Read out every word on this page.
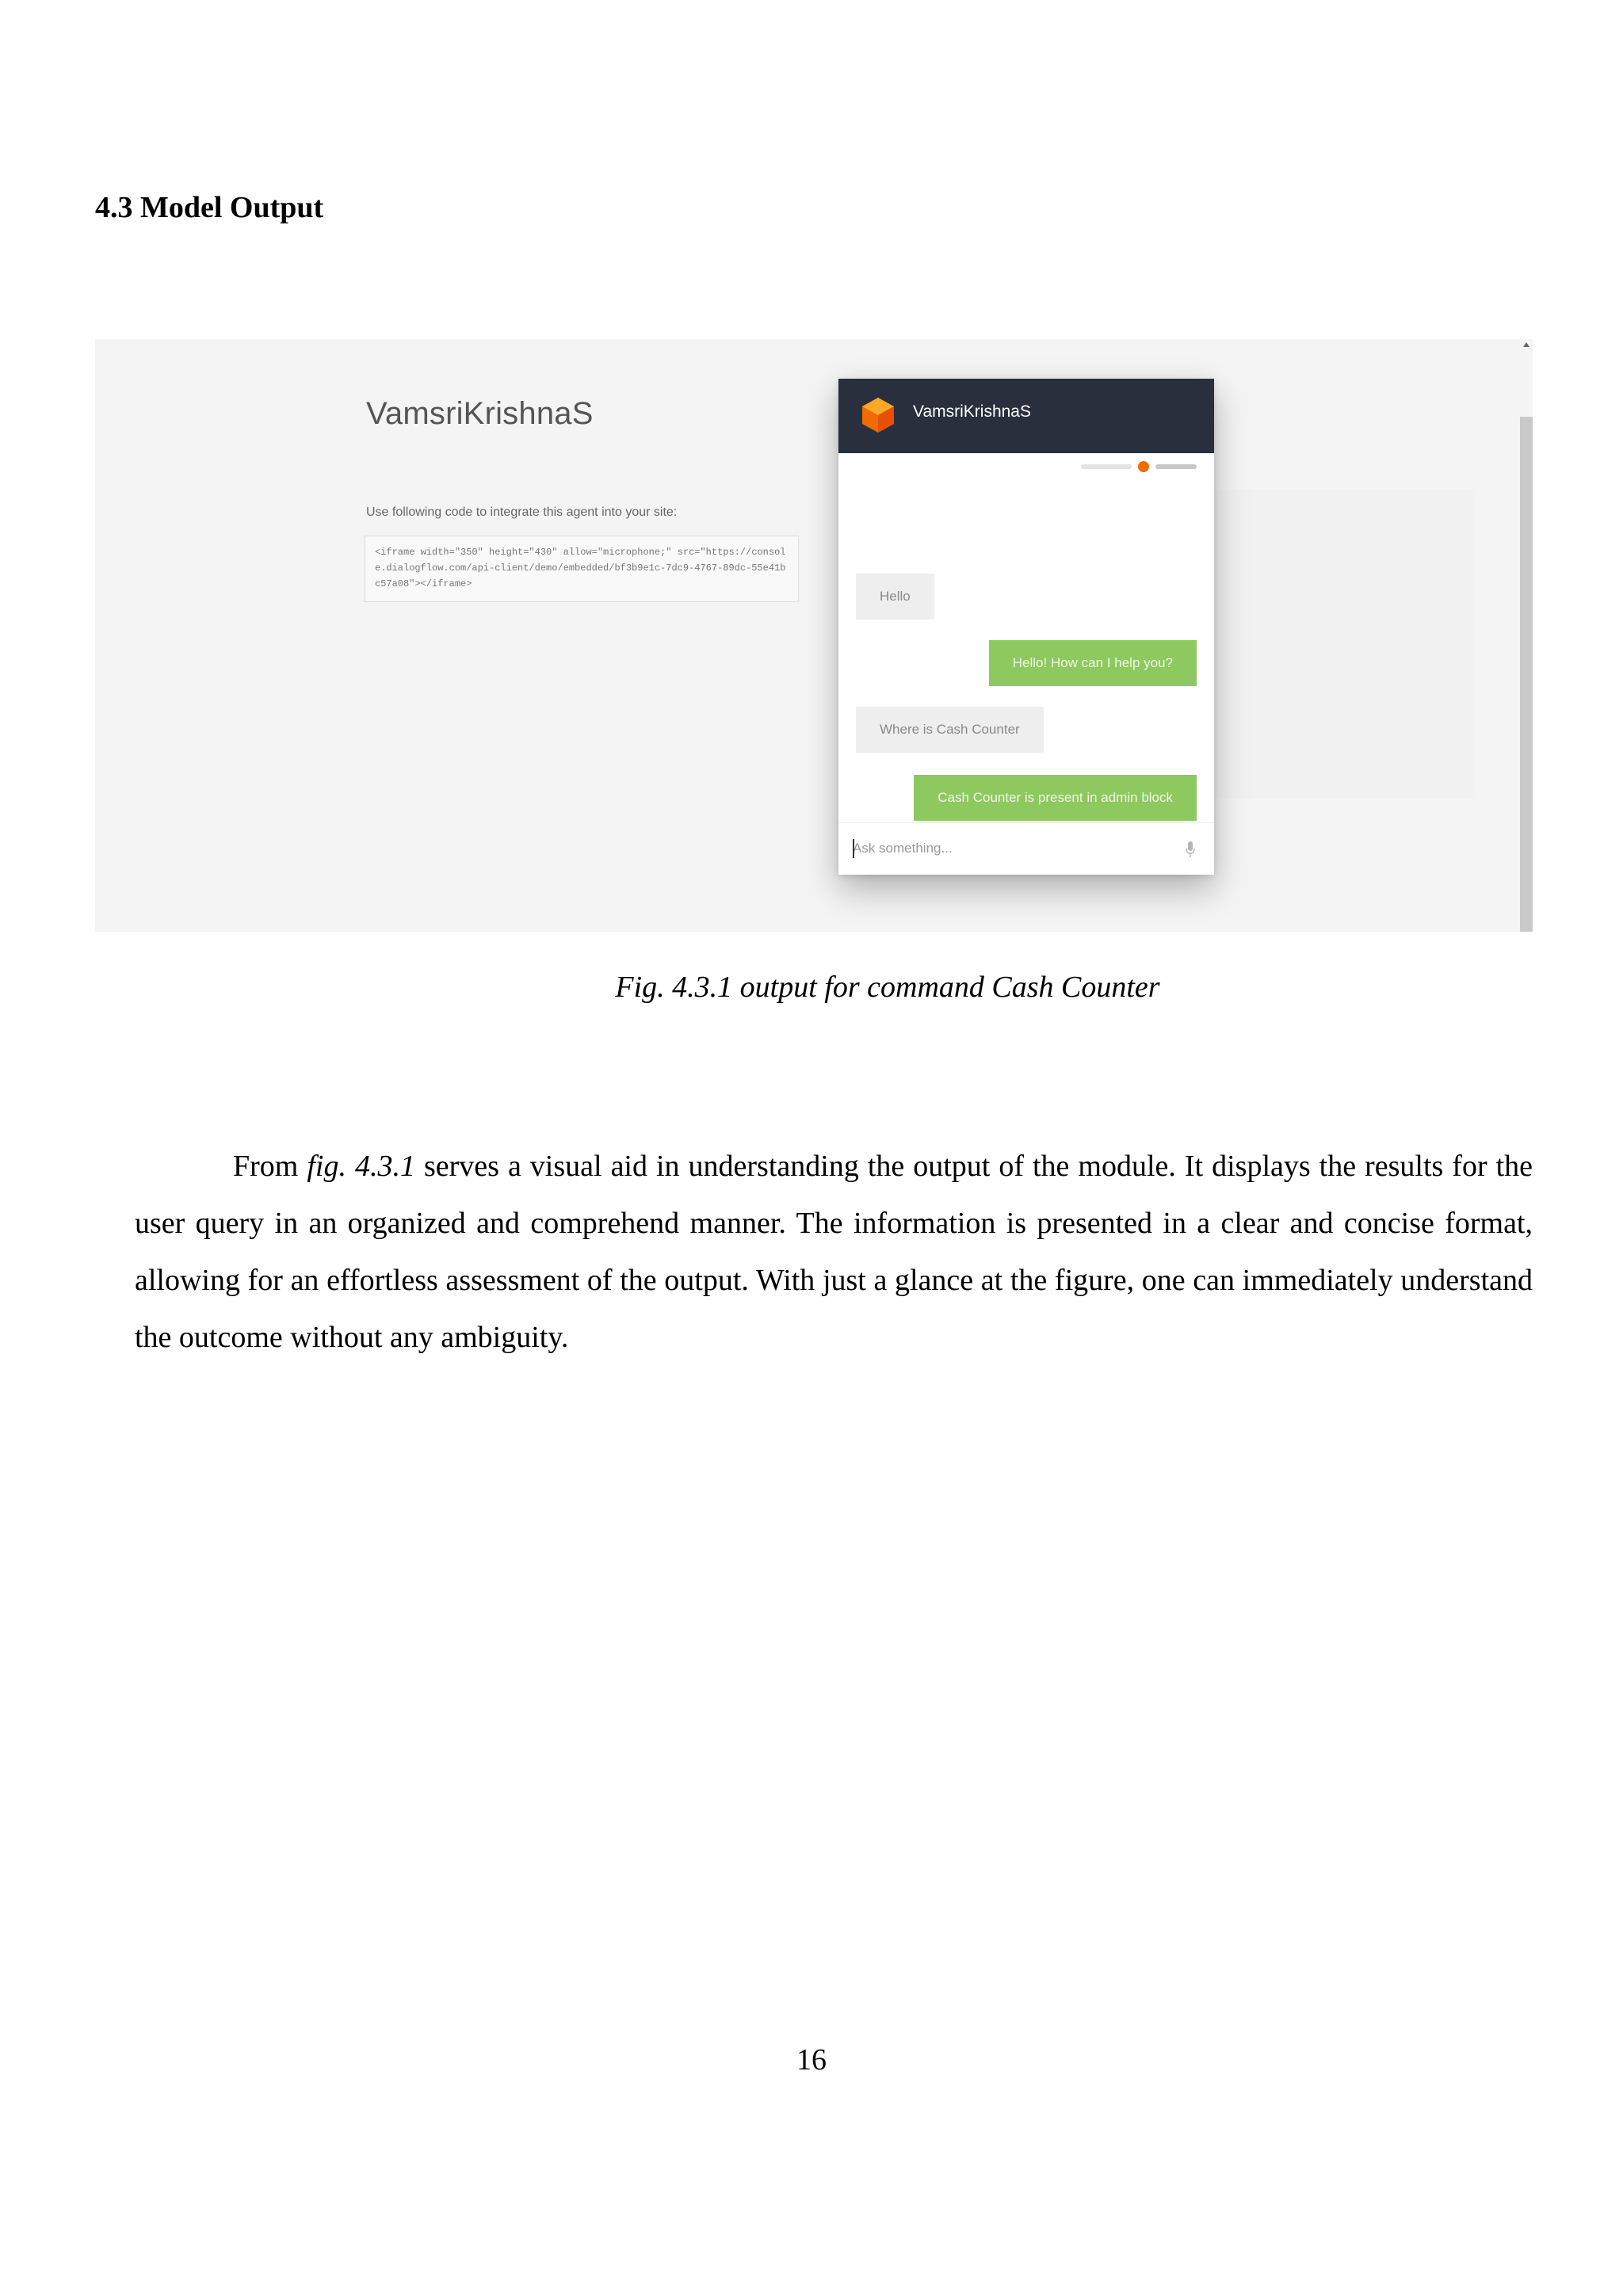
4.3 Model Output
VamsriKrishnaS
Use following code to integrate this agent into your site:
<iframe width="350" height="430" allow="microphone;" src="https://console.dialogflow.com/api-client/demo/embedded/bf3b9e1c-7dc9-4767-89dc-55e41bc57a08"></iframe>
VamsriKrishnaS
Hello
Hello! How can I help you?
Where is Cash Counter
Cash Counter is present in admin block
Ask something...

Fig. 4.3.1 output for command Cash Counter

From fig. 4.3.1 serves a visual aid in understanding the output of the module. It displays the results for the user query in an organized and comprehend manner. The information is presented in a clear and concise format, allowing for an effortless assessment of the output. With just a glance at the figure, one can immediately understand the outcome without any ambiguity.

16
